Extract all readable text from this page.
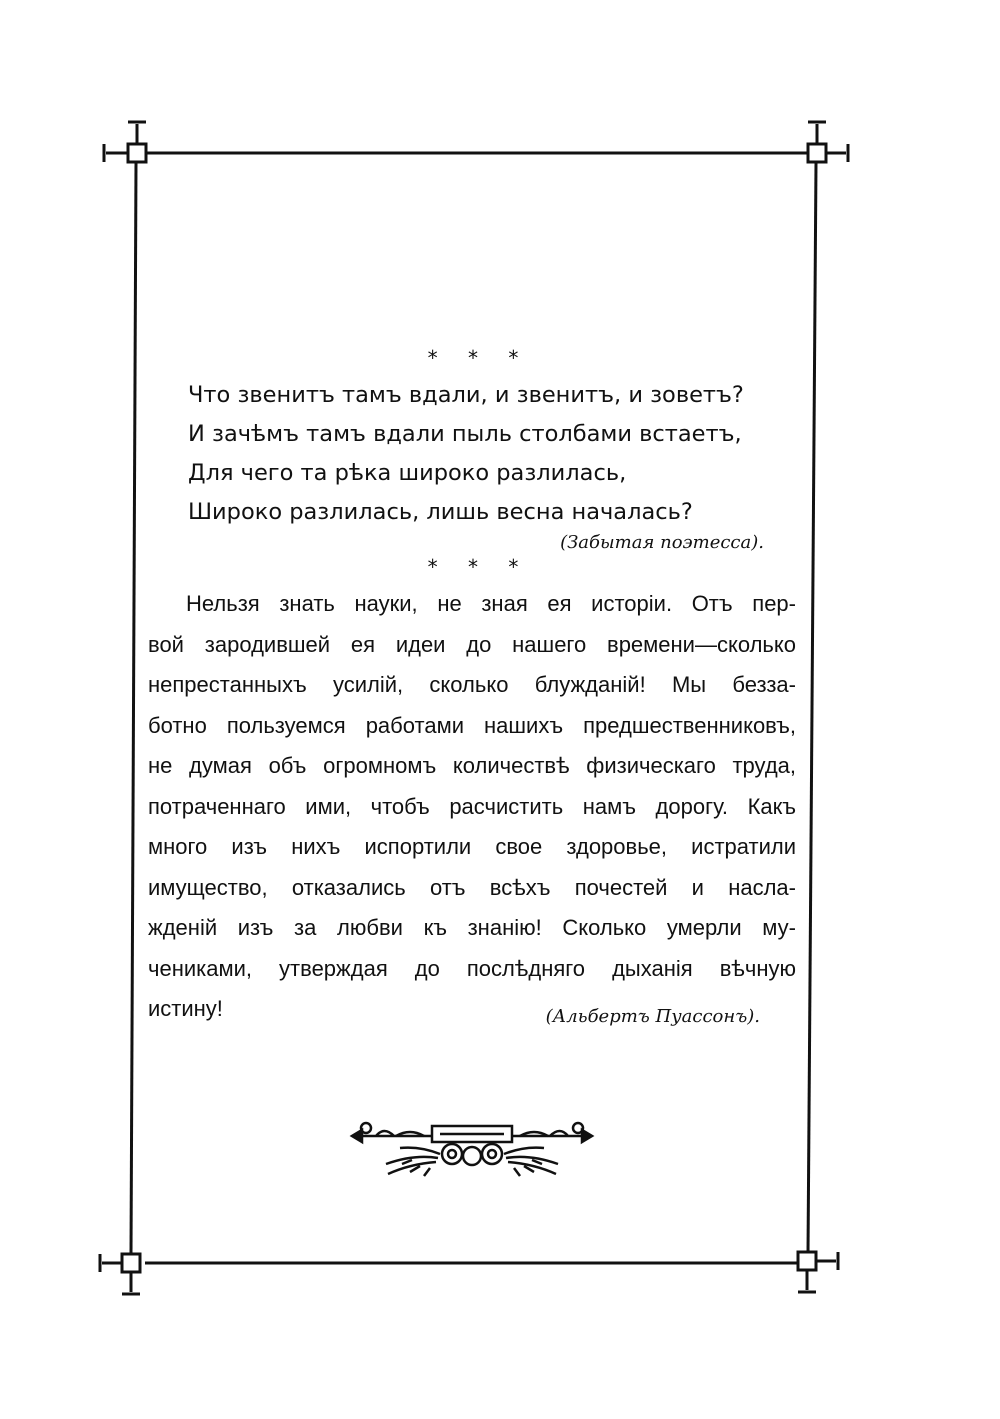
* * *
Что звенитъ тамъ вдали, и звенитъ, и зоветъ?
И зачѣмъ тамъ вдали пыль столбами встаетъ,
Для чего та рѣка широко разлилась,
Широко разлилась, лишь весна началась?
(Забытая поэтесса).
* * *
Нельзя знать науки, не зная ея исторіи. Отъ пер-
вой зародившей ея идеи до нашего времени—сколько
непрестанныхъ усилій, сколько блужданій! Мы безза-
ботно пользуемся работами нашихъ предшественниковъ,
не думая объ огромномъ количествѣ физическаго труда,
потраченнаго ими, чтобъ расчистить намъ дорогу. Какъ
много изъ нихъ испортили свое здоровье, истратили
имущество, отказались отъ всѣхъ почестей и насла-
жденій изъ за любви къ знанію! Сколько умерли му-
чениками, утверждая до послѣдняго дыханія вѣчную
истину!	(Альбертъ Пуассонъ).
